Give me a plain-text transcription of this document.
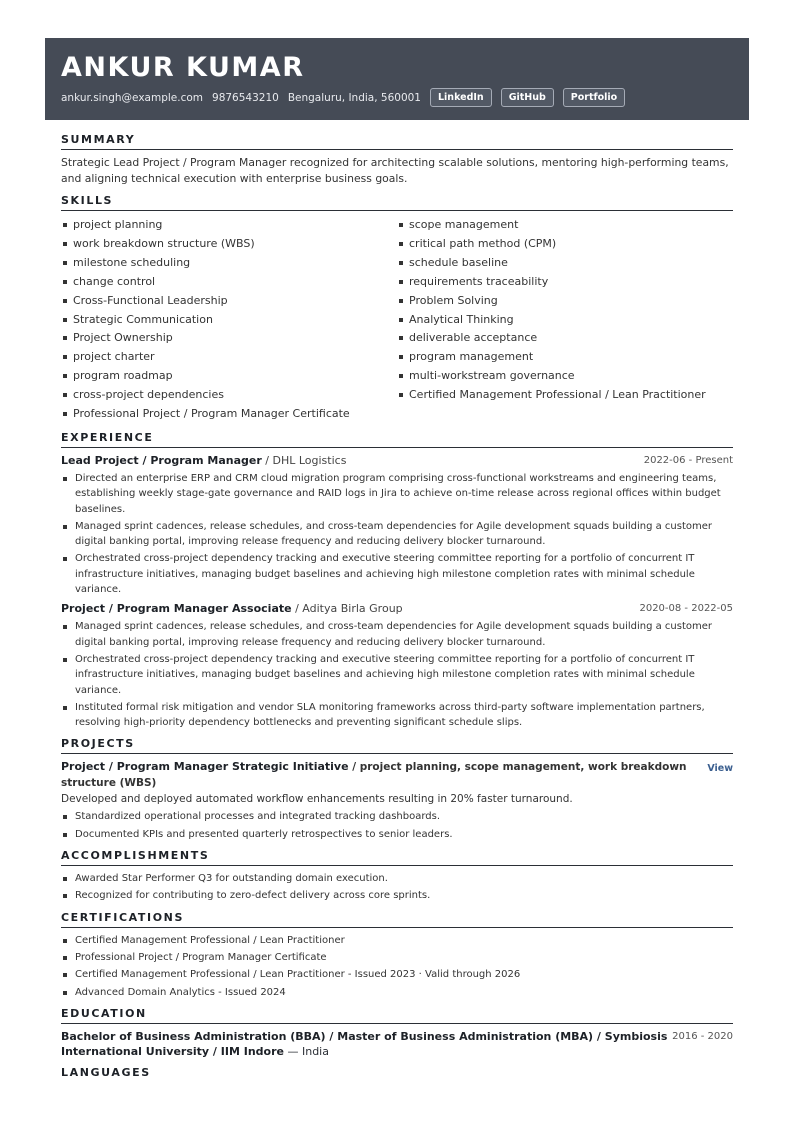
ANKUR KUMAR
ankur.singh@example.com 9876543210 Bengaluru, India, 560001	LinkedIn	GitHub	Portfolio
SUMMARY
Strategic Lead Project / Program Manager recognized for architecting scalable solutions, mentoring high-performing teams, and aligning technical execution with enterprise business goals.
SKILLS
project planning
work breakdown structure (WBS)
milestone scheduling
change control
Cross-Functional Leadership
Strategic Communication
Project Ownership
project charter
program roadmap
cross-project dependencies
Professional Project / Program Manager Certificate
scope management
critical path method (CPM)
schedule baseline
requirements traceability
Problem Solving
Analytical Thinking
deliverable acceptance
program management
multi-workstream governance
Certified Management Professional / Lean Practitioner
EXPERIENCE
Lead Project / Program Manager / DHL Logistics	2022-06 - Present
Directed an enterprise ERP and CRM cloud migration program comprising cross-functional workstreams and engineering teams, establishing weekly stage-gate governance and RAID logs in Jira to achieve on-time release across regional offices within budget baselines.
Managed sprint cadences, release schedules, and cross-team dependencies for Agile development squads building a customer digital banking portal, improving release frequency and reducing delivery blocker turnaround.
Orchestrated cross-project dependency tracking and executive steering committee reporting for a portfolio of concurrent IT infrastructure initiatives, managing budget baselines and achieving high milestone completion rates with minimal schedule variance.
Project / Program Manager Associate / Aditya Birla Group	2020-08 - 2022-05
Managed sprint cadences, release schedules, and cross-team dependencies for Agile development squads building a customer digital banking portal, improving release frequency and reducing delivery blocker turnaround.
Orchestrated cross-project dependency tracking and executive steering committee reporting for a portfolio of concurrent IT infrastructure initiatives, managing budget baselines and achieving high milestone completion rates with minimal schedule variance.
Instituted formal risk mitigation and vendor SLA monitoring frameworks across third-party software implementation partners, resolving high-priority dependency bottlenecks and preventing significant schedule slips.
PROJECTS
Project / Program Manager Strategic Initiative / project planning, scope management, work breakdown structure (WBS)
View
Developed and deployed automated workflow enhancements resulting in 20% faster turnaround.
Standardized operational processes and integrated tracking dashboards.
Documented KPIs and presented quarterly retrospectives to senior leaders.
ACCOMPLISHMENTS
Awarded Star Performer Q3 for outstanding domain execution.
Recognized for contributing to zero-defect delivery across core sprints.
CERTIFICATIONS
Certified Management Professional / Lean Practitioner
Professional Project / Program Manager Certificate
Certified Management Professional / Lean Practitioner - Issued 2023 · Valid through 2026
Advanced Domain Analytics - Issued 2024
EDUCATION
Bachelor of Business Administration (BBA) / Master of Business Administration (MBA) / Symbiosis International University / IIM Indore — India
2016 - 2020
LANGUAGES
